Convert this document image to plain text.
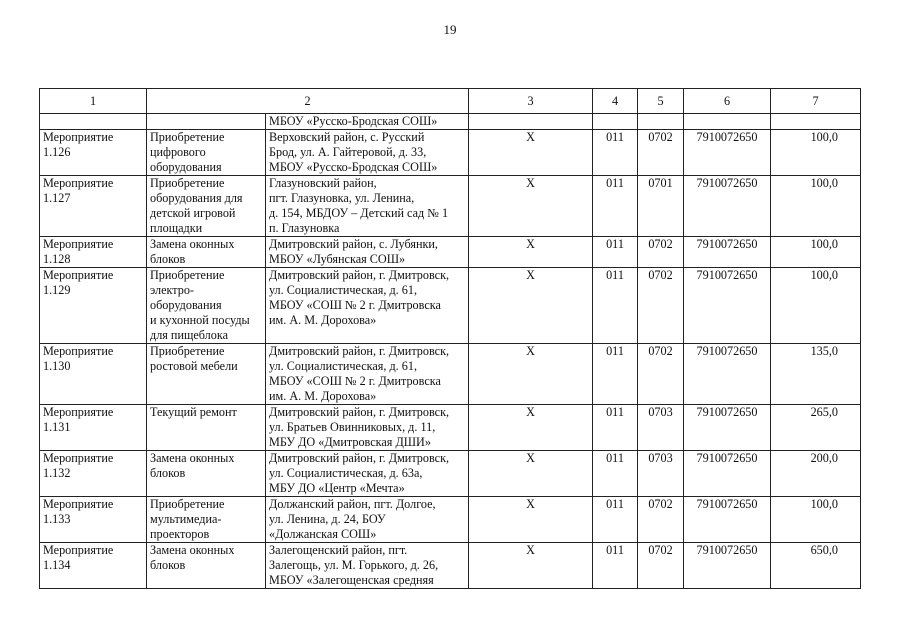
19
1	2		3	4	5	6	7
		МБОУ «Русско-Бродская СОШ»					
Мероприятие
1.126	Приобретение
цифрового
оборудования	Верховский район, с. Русский
Брод, ул. А. Гайтеровой, д. 33,
МБОУ «Русско-Бродская СОШ»	Х	011	0702	7910072650	100,0
Мероприятие
1.127	Приобретение
оборудования для
детской игровой
площадки	Глазуновский район,
пгт. Глазуновка, ул. Ленина,
д. 154, МБДОУ – Детский сад № 1
п. Глазуновка	Х	011	0701	7910072650	100,0
Мероприятие
1.128	Замена оконных
блоков	Дмитровский район, с. Лубянки,
МБОУ «Лубянская СОШ»	Х	011	0702	7910072650	100,0
Мероприятие
1.129	Приобретение
электро-
оборудования
и кухонной посуды
для пищеблока	Дмитровский район, г. Дмитровск,
ул. Социалистическая, д. 61,
МБОУ «СОШ № 2 г. Дмитровска
им. А. М. Дорохова»	Х	011	0702	7910072650	100,0
Мероприятие
1.130	Приобретение
ростовой мебели	Дмитровский район, г. Дмитровск,
ул. Социалистическая, д. 61,
МБОУ «СОШ № 2 г. Дмитровска
им. А. М. Дорохова»	Х	011	0702	7910072650	135,0
Мероприятие
1.131	Текущий ремонт	Дмитровский район, г. Дмитровск,
ул. Братьев Овинниковых, д. 11,
МБУ ДО «Дмитровская ДШИ»	Х	011	0703	7910072650	265,0
Мероприятие
1.132	Замена оконных
блоков	Дмитровский район, г. Дмитровск,
ул. Социалистическая, д. 63а,
МБУ ДО «Центр «Мечта»	Х	011	0703	7910072650	200,0
Мероприятие
1.133	Приобретение
мультимедиа-
проекторов	Должанский район, пгт. Долгое,
ул. Ленина, д. 24, БОУ
«Должанская СОШ»	Х	011	0702	7910072650	100,0
Мероприятие
1.134	Замена оконных
блоков	Залегощенский район, пгт.
Залегощь, ул. М. Горького, д. 26,
МБОУ «Залегощенская средняя	Х	011	0702	7910072650	650,0
